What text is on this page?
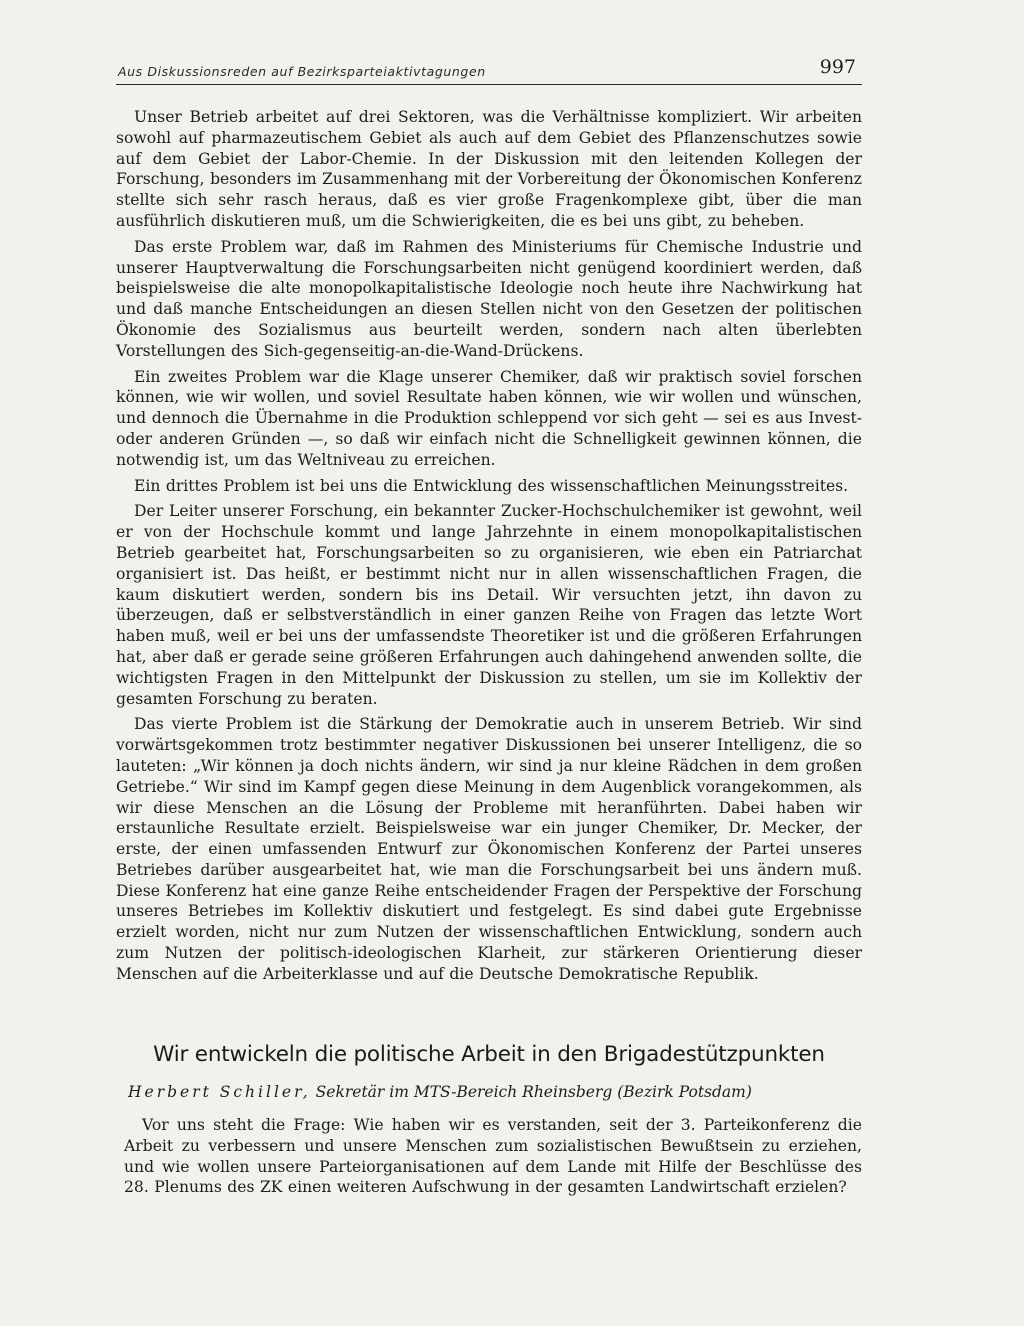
Aus Diskussionsreden auf Bezirksparteiaktivtagungen	997

Unser Betrieb arbeitet auf drei Sektoren, was die Verhältnisse kompliziert. Wir arbeiten sowohl auf pharmazeutischem Gebiet als auch auf dem Gebiet des Pflanzenschutzes sowie auf dem Gebiet der Labor-Chemie. In der Diskussion mit den leitenden Kollegen der Forschung, besonders im Zusammenhang mit der Vorbereitung der Ökonomischen Konferenz stellte sich sehr rasch heraus, daß es vier große Fragenkomplexe gibt, über die man ausführlich diskutieren muß, um die Schwierigkeiten, die es bei uns gibt, zu beheben.

Das erste Problem war, daß im Rahmen des Ministeriums für Chemische Industrie und unserer Hauptverwaltung die Forschungsarbeiten nicht genügend koordiniert werden, daß beispielsweise die alte monopolkapitalistische Ideologie noch heute ihre Nachwirkung hat und daß manche Entscheidungen an diesen Stellen nicht von den Gesetzen der politischen Ökonomie des Sozialismus aus beurteilt werden, sondern nach alten überlebten Vorstellungen des Sich-gegenseitig-an-die-Wand-Drückens.

Ein zweites Problem war die Klage unserer Chemiker, daß wir praktisch soviel forschen können, wie wir wollen, und soviel Resultate haben können, wie wir wollen und wünschen, und dennoch die Übernahme in die Produktion schleppend vor sich geht — sei es aus Invest- oder anderen Gründen —, so daß wir einfach nicht die Schnelligkeit gewinnen können, die notwendig ist, um das Weltniveau zu erreichen.

Ein drittes Problem ist bei uns die Entwicklung des wissenschaftlichen Meinungsstreites.

Der Leiter unserer Forschung, ein bekannter Zucker-Hochschulchemiker ist gewohnt, weil er von der Hochschule kommt und lange Jahrzehnte in einem monopolkapitalistischen Betrieb gearbeitet hat, Forschungsarbeiten so zu organisieren, wie eben ein Patriarchat organisiert ist. Das heißt, er bestimmt nicht nur in allen wissenschaftlichen Fragen, die kaum diskutiert werden, sondern bis ins Detail. Wir versuchten jetzt, ihn davon zu überzeugen, daß er selbstverständlich in einer ganzen Reihe von Fragen das letzte Wort haben muß, weil er bei uns der umfassendste Theoretiker ist und die größeren Erfahrungen hat, aber daß er gerade seine größeren Erfahrungen auch dahingehend anwenden sollte, die wichtigsten Fragen in den Mittelpunkt der Diskussion zu stellen, um sie im Kollektiv der gesamten Forschung zu beraten.

Das vierte Problem ist die Stärkung der Demokratie auch in unserem Betrieb. Wir sind vorwärtsgekommen trotz bestimmter negativer Diskussionen bei unserer Intelligenz, die so lauteten: „Wir können ja doch nichts ändern, wir sind ja nur kleine Rädchen in dem großen Getriebe.“ Wir sind im Kampf gegen diese Meinung in dem Augenblick vorangekommen, als wir diese Menschen an die Lösung der Probleme mit heranführten. Dabei haben wir erstaunliche Resultate erzielt. Beispielsweise war ein junger Chemiker, Dr. Mecker, der erste, der einen umfassenden Entwurf zur Ökonomischen Konferenz der Partei unseres Betriebes darüber ausgearbeitet hat, wie man die Forschungsarbeit bei uns ändern muß. Diese Konferenz hat eine ganze Reihe entscheidender Fragen der Perspektive der Forschung unseres Betriebes im Kollektiv diskutiert und festgelegt. Es sind dabei gute Ergebnisse erzielt worden, nicht nur zum Nutzen der wissenschaftlichen Entwicklung, sondern auch zum Nutzen der politisch-ideologischen Klarheit, zur stärkeren Orientierung dieser Menschen auf die Arbeiterklasse und auf die Deutsche Demokratische Republik.

Wir entwickeln die politische Arbeit in den Brigadestützpunkten
Herbert Schiller, Sekretär im MTS-Bereich Rheinsberg (Bezirk Potsdam)

Vor uns steht die Frage: Wie haben wir es verstanden, seit der 3. Parteikonferenz die Arbeit zu verbessern und unsere Menschen zum sozialistischen Bewußtsein zu erziehen, und wie wollen unsere Parteiorganisationen auf dem Lande mit Hilfe der Beschlüsse des 28. Plenums des ZK einen weiteren Aufschwung in der gesamten Landwirtschaft erzielen?
